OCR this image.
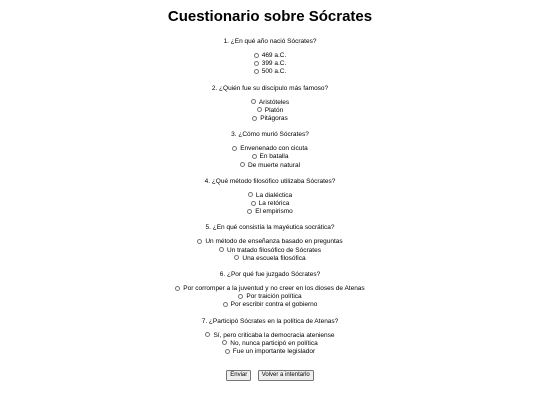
Cuestionario sobre Sócrates

1. ¿En qué año nació Sócrates?

469 a.C.
399 a.C.
500 a.C.

2. ¿Quién fue su discípulo más famoso?

Aristóteles
Platón
Pitágoras

3. ¿Cómo murió Sócrates?

Envenenado con cicuta
En batalla
De muerte natural

4. ¿Qué método filosófico utilizaba Sócrates?

La dialéctica
La retórica
El empirismo

5. ¿En qué consistía la mayéutica socrática?

Un método de enseñanza basado en preguntas
Un tratado filosófico de Sócrates
Una escuela filosófica

6. ¿Por qué fue juzgado Sócrates?

Por corromper a la juventud y no creer en los dioses de Atenas
Por traición política
Por escribir contra el gobierno

7. ¿Participó Sócrates en la política de Atenas?

Sí, pero criticaba la democracia ateniense
No, nunca participó en política
Fue un importante legislador
Enviar Volver a intentarlo
